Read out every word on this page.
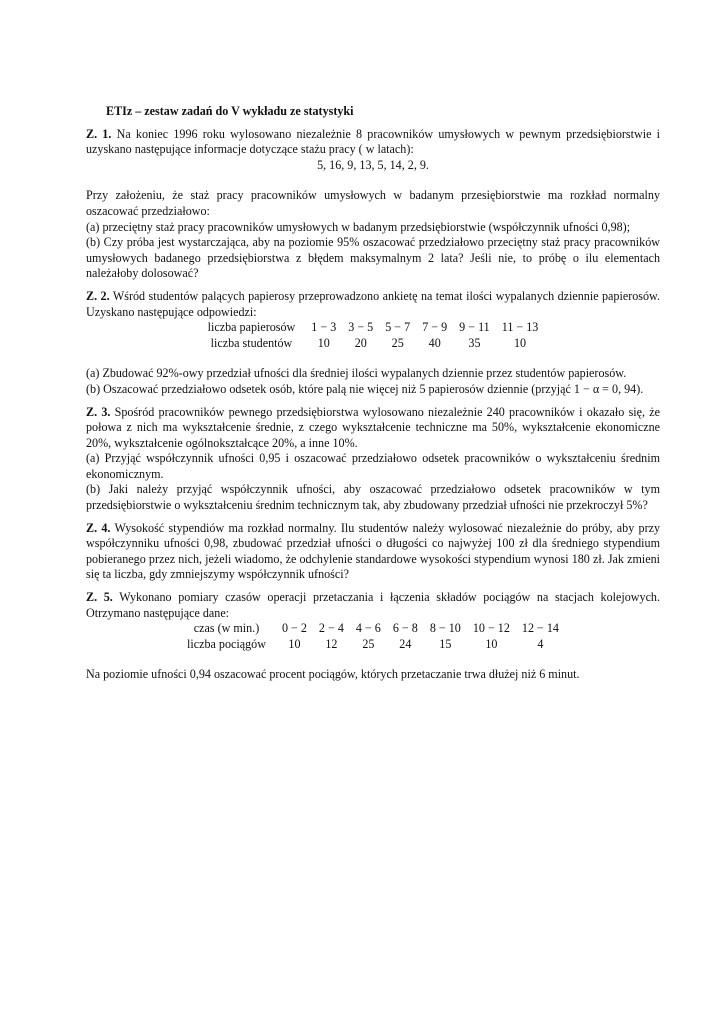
ETIz – zestaw zadań do V wykładu ze statystyki

Z. 1. Na koniec 1996 roku wylosowano niezależnie 8 pracowników umysłowych w pewnym przedsiębiorstwie i uzyskano następujące informacje dotyczące stażu pracy ( w latach):

5, 16, 9, 13, 5, 14, 2, 9.

Przy założeniu, że staż pracy pracowników umysłowych w badanym przesiębiorstwie ma rozkład normalny oszacować przedziałowo:

(a) przeciętny staż pracy pracowników umysłowych w badanym przedsiębiorstwie (współczynnik ufności 0,98);

(b) Czy próba jest wystarczająca, aby na poziomie 95% oszacować przedziałowo przeciętny staż pracy pracowników umysłowych badanego przedsiębiorstwa z błędem maksymalnym 2 lata? Jeśli nie, to próbę o ilu elementach należałoby dolosować?

Z. 2. Wśród studentów palących papierosy przeprowadzono ankietę na temat ilości wypalanych dziennie papierosów. Uzyskano następujące odpowiedzi:

liczba papierosów	1 − 3	3 − 5	5 − 7	7 − 9	9 − 11	11 − 13
liczba studentów	10	20	25	40	35	10

(a) Zbudować 92%-owy przedział ufności dla średniej ilości wypalanych dziennie przez studentów papierosów.

(b) Oszacować przedziałowo odsetek osób, które palą nie więcej niż 5 papierosów dziennie (przyjąć 1 − α = 0, 94).

Z. 3. Spośród pracowników pewnego przedsiębiorstwa wylosowano niezależnie 240 pracowników i okazało się, że połowa z nich ma wykształcenie średnie, z czego wykształcenie techniczne ma 50%, wykształcenie ekonomiczne 20%, wykształcenie ogólnokształcące 20%, a inne 10%.

(a) Przyjąć współczynnik ufności 0,95 i oszacować przedziałowo odsetek pracowników o wykształceniu średnim ekonomicznym.

(b) Jaki należy przyjąć współczynnik ufności, aby oszacować przedziałowo odsetek pracowników w tym przedsiębiorstwie o wykształceniu średnim technicznym tak, aby zbudowany przedział ufności nie przekroczył 5%?

Z. 4. Wysokość stypendiów ma rozkład normalny. Ilu studentów należy wylosować niezależnie do próby, aby przy współczynniku ufności 0,98, zbudować przedział ufności o długości co najwyżej 100 zł dla średniego stypendium pobieranego przez nich, jeżeli wiadomo, że odchylenie standardowe wysokości stypendium wynosi 180 zł. Jak zmieni się ta liczba, gdy zmniejszymy współczynnik ufności?

Z. 5. Wykonano pomiary czasów operacji przetaczania i łączenia składów pociągów na stacjach kolejowych. Otrzymano następujące dane:

czas (w min.)	0 − 2	2 − 4	4 − 6	6 − 8	8 − 10	10 − 12	12 − 14
liczba pociągów	10	12	25	24	15	10	4

Na poziomie ufności 0,94 oszacować procent pociągów, których przetaczanie trwa dłużej niż 6 minut.
